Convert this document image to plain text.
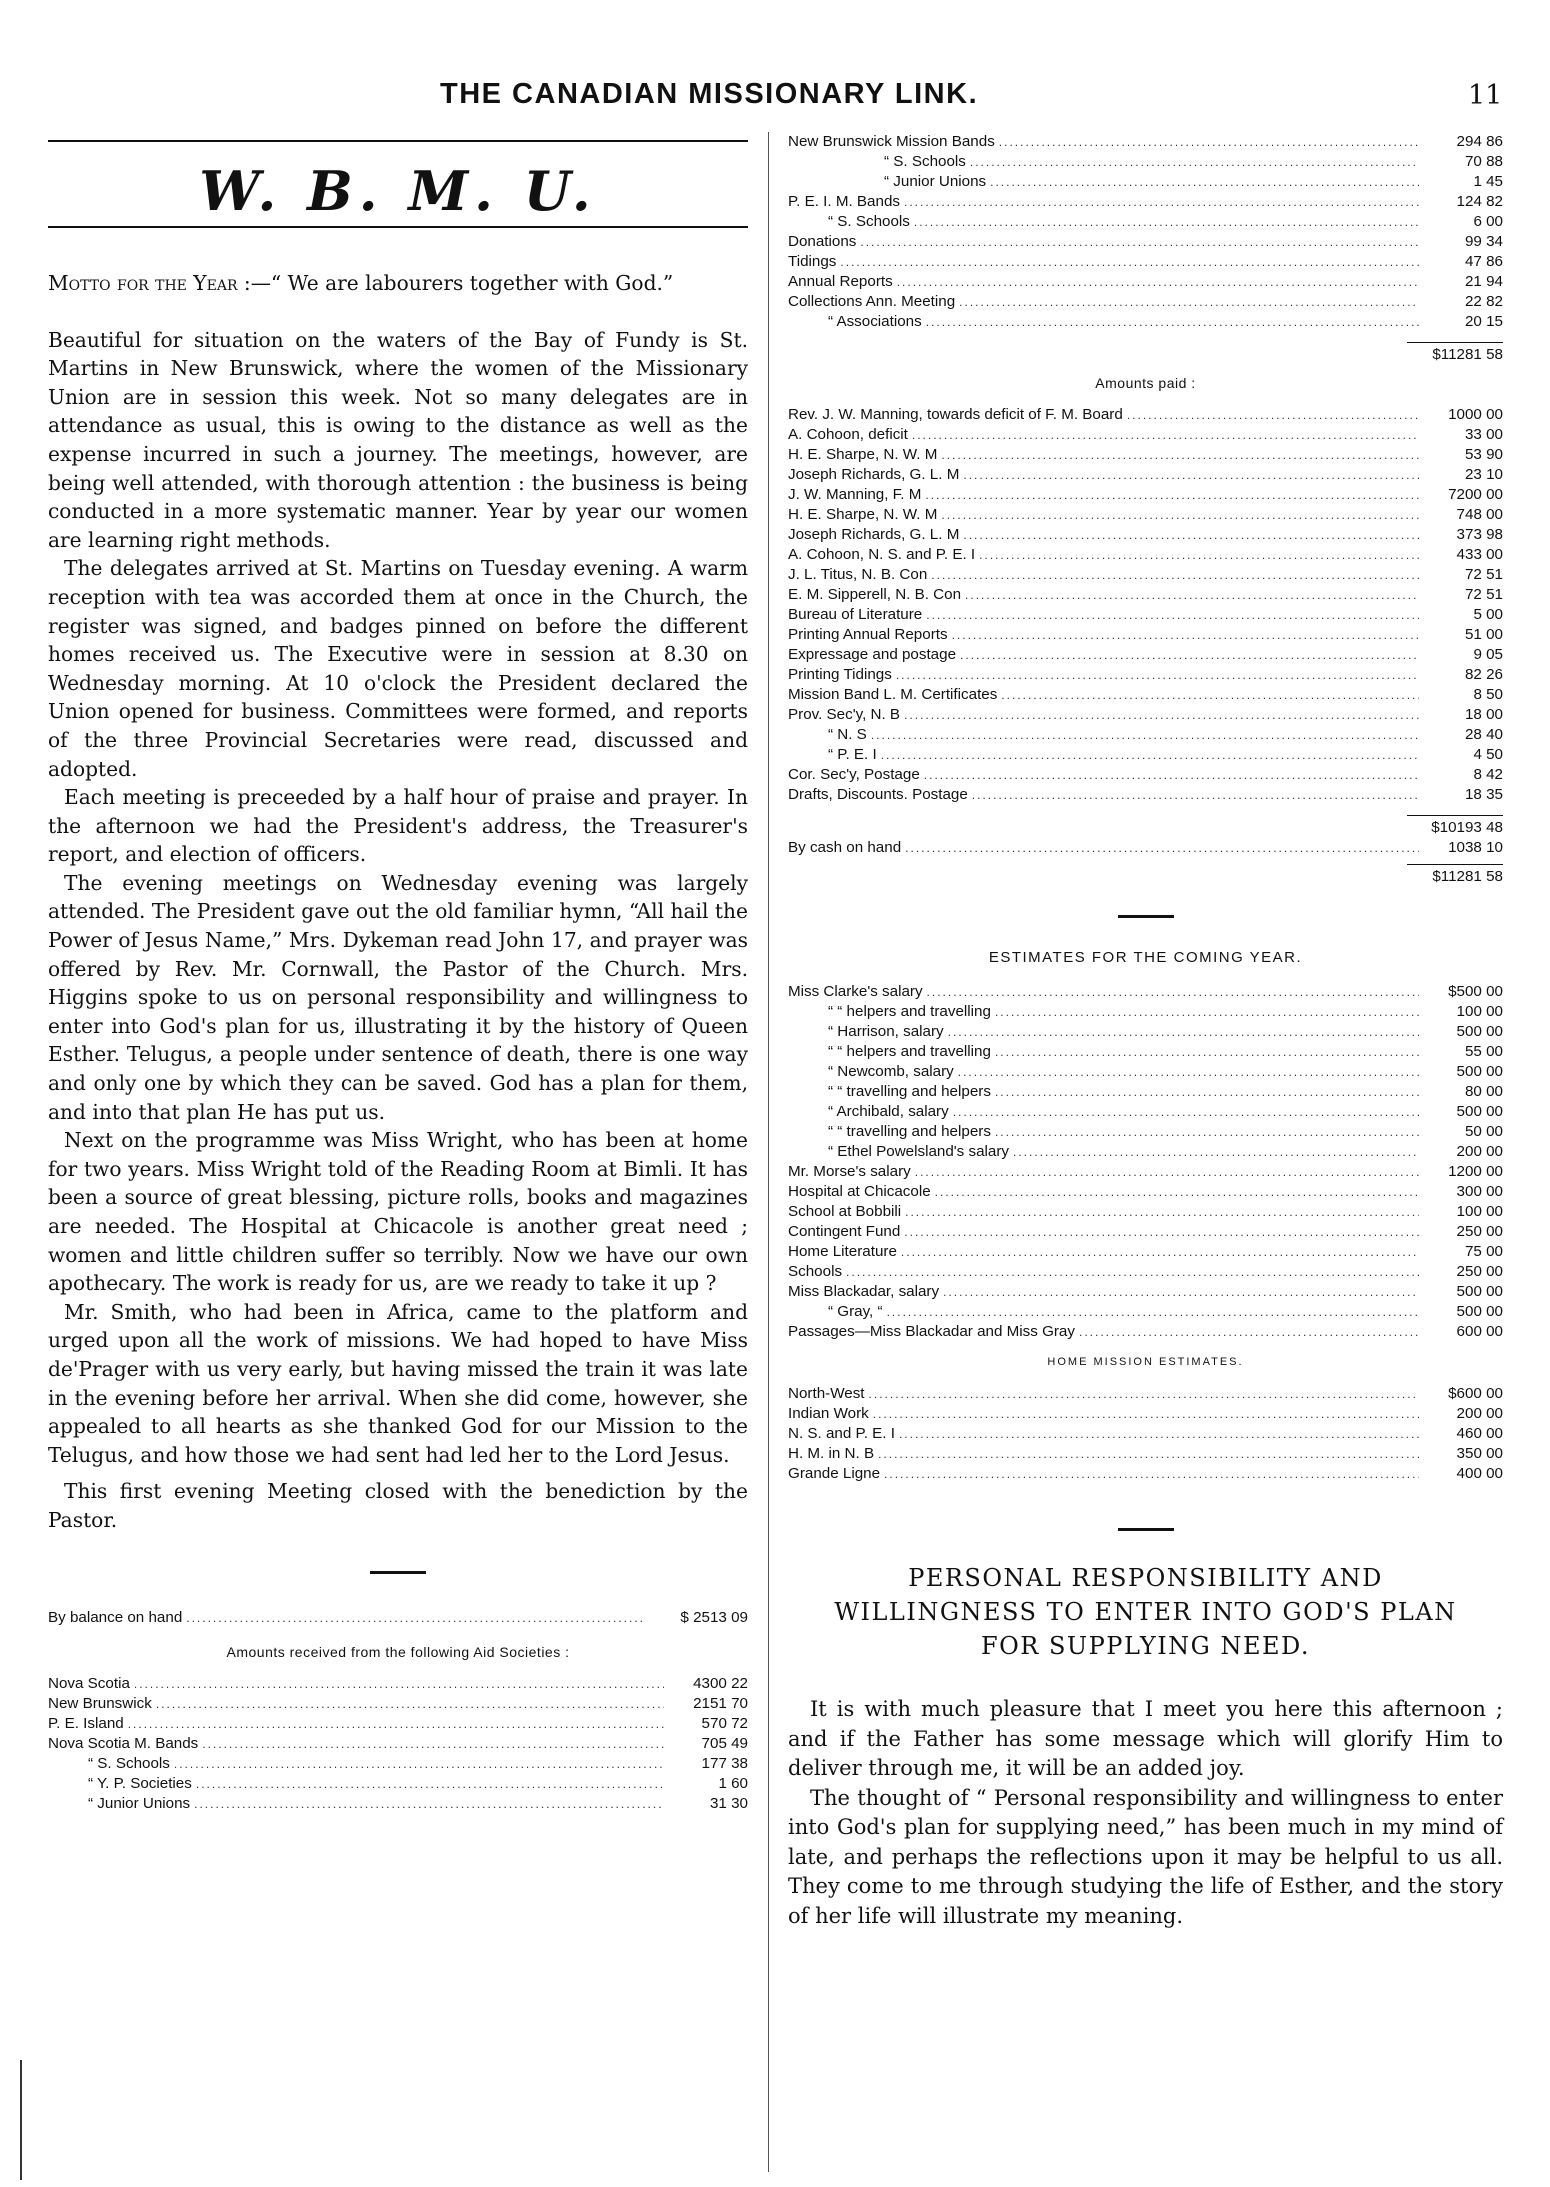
THE CANADIAN MISSIONARY LINK.	11
W. B. M. U.

Motto for the Year :—“ We are labourers together with God.”

Beautiful for situation on the waters of the Bay of Fundy is St. Martins in New Brunswick, where the women of the Missionary Union are in session this week. Not so many delegates are in attendance as usual, this is owing to the distance as well as the expense incurred in such a journey. The meetings, however, are being well attended, with thorough attention : the business is being conducted in a more systematic manner. Year by year our women are learning right methods.

The delegates arrived at St. Martins on Tuesday evening. A warm reception with tea was accorded them at once in the Church, the register was signed, and badges pinned on before the different homes received us. The Executive were in session at 8.30 on Wednesday morning. At 10 o'clock the President declared the Union opened for business. Committees were formed, and reports of the three Provincial Secretaries were read, discussed and adopted.

Each meeting is preceeded by a half hour of praise and prayer. In the afternoon we had the President's address, the Treasurer's report, and election of officers.

The evening meetings on Wednesday evening was largely attended. The President gave out the old familiar hymn, “All hail the Power of Jesus Name,” Mrs. Dykeman read John 17, and prayer was offered by Rev. Mr. Cornwall, the Pastor of the Church. Mrs. Higgins spoke to us on personal responsibility and willingness to enter into God's plan for us, illustrating it by the history of Queen Esther. Telugus, a people under sentence of death, there is one way and only one by which they can be saved. God has a plan for them, and into that plan He has put us.

Next on the programme was Miss Wright, who has been at home for two years. Miss Wright told of the Reading Room at Bimli. It has been a source of great blessing, picture rolls, books and magazines are needed. The Hospital at Chicacole is another great need ; women and little children suffer so terribly. Now we have our own apothecary. The work is ready for us, are we ready to take it up ?

Mr. Smith, who had been in Africa, came to the platform and urged upon all the work of missions. We had hoped to have Miss de'Prager with us very early, but having missed the train it was late in the evening before her arrival. When she did come, however, she appealed to all hearts as she thanked God for our Mission to the Telugus, and how those we had sent had led her to the Lord Jesus.

This first evening Meeting closed with the benediction by the Pastor.

By balance on hand .....	$ 2513 09
Amounts received from the following Aid Societies :
Nova Scotia .....	4300 22
New Brunswick .....	2151 70
P. E. Island .....	570 72
Nova Scotia M. Bands .....	705 49
“ S. Schools .....	177 38
“ Y. P. Societies .....	1 60
“ Junior Unions .....	31 30
New Brunswick Mission Bands .....	294 86
“ S. Schools .....	70 88
“ Junior Unions .....	1 45
P. E. I. M. Bands .....	124 82
“ S. Schools .....	6 00
Donations .....	99 34
Tidings .....	47 86
Annual Reports .....	21 94
Collections Ann. Meeting .....	22 82
“ Associations .....	20 15
$11281 58
Amounts paid :
Rev. J. W. Manning, towards deficit of F. M. Board .....	1000 00
A. Cohoon, deficit .....	33 00
H. E. Sharpe, N. W. M .....	53 90
Joseph Richards, G. L. M .....	23 10
J. W. Manning, F. M .....	7200 00
H. E. Sharpe, N. W. M .....	748 00
Joseph Richards, G. L. M .....	373 98
A. Cohoon, N. S. and P. E. I .....	433 00
J. L. Titus, N. B. Con .....	72 51
E. M. Sipperell, N. B. Con .....	72 51
Bureau of Literature .....	5 00
Printing Annual Reports .....	51 00
Expressage and postage .....	9 05
Printing Tidings .....	82 26
Mission Band L. M. Certificates .....	8 50
Prov. Sec'y, N. B .....	18 00
“ N. S .....	28 40
“ P. E. I .....	4 50
Cor. Sec'y, Postage .....	8 42
Drafts, Discounts. Postage .....	18 35
$10193 48
By cash on hand .....	1038 10
$11281 58
ESTIMATES FOR THE COMING YEAR.
Miss Clarke's salary .....	$500 00
“ “ helpers and travelling .....	100 00
“ Harrison, salary .....	500 00
“ “ helpers and travelling .....	55 00
“ Newcomb, salary .....	500 00
“ “ travelling and helpers .....	80 00
“ Archibald, salary .....	500 00
“ “ travelling and helpers .....	50 00
“ Ethel Powelsland's salary .....	200 00
Mr. Morse's salary .....	1200 00
Hospital at Chicacole .....	300 00
School at Bobbili .....	100 00
Contingent Fund .....	250 00
Home Literature .....	75 00
Schools .....	250 00
Miss Blackadar, salary .....	500 00
“ Gray, “ .....	500 00
Passages—Miss Blackadar and Miss Gray .....	600 00
HOME MISSION ESTIMATES.
North-West .....	$600 00
Indian Work .....	200 00
N. S. and P. E. I .....	460 00
H. M. in N. B .....	350 00
Grande Ligne .....	400 00
PERSONAL RESPONSIBILITY AND WILLINGNESS TO ENTER INTO GOD'S PLAN FOR SUPPLYING NEED.

It is with much pleasure that I meet you here this afternoon ; and if the Father has some message which will glorify Him to deliver through me, it will be an added joy.

The thought of “ Personal responsibility and willingness to enter into God's plan for supplying need,” has been much in my mind of late, and perhaps the reflections upon it may be helpful to us all. They come to me through studying the life of Esther, and the story of her life will illustrate my meaning.
